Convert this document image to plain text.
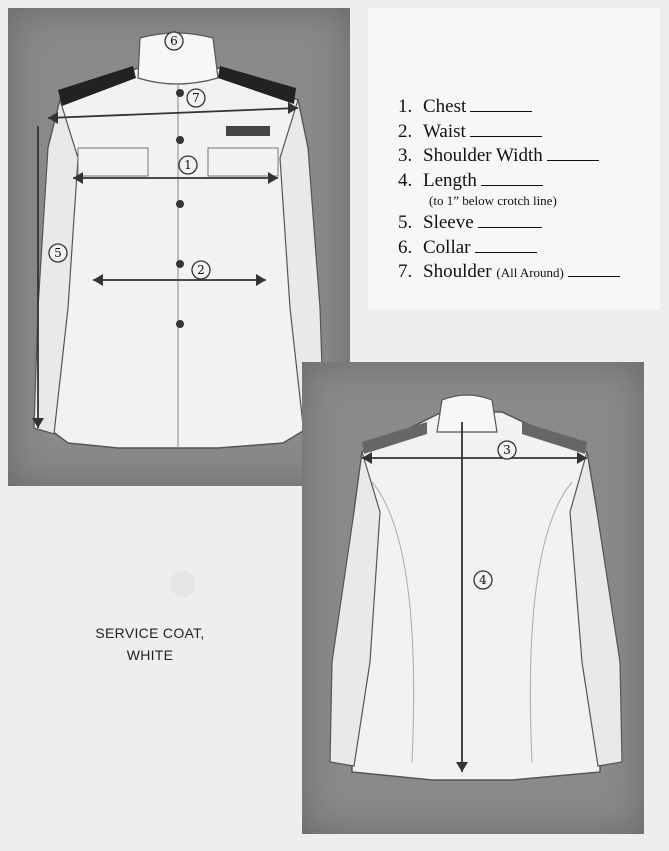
6
7
1
2
5
3
4
1. Chest
2. Waist
3. Shoulder Width
4. Length
(to 1” below crotch line)
5. Sleeve
6. Collar
7. Shoulder (All Around)
SERVICE COAT,
WHITE
